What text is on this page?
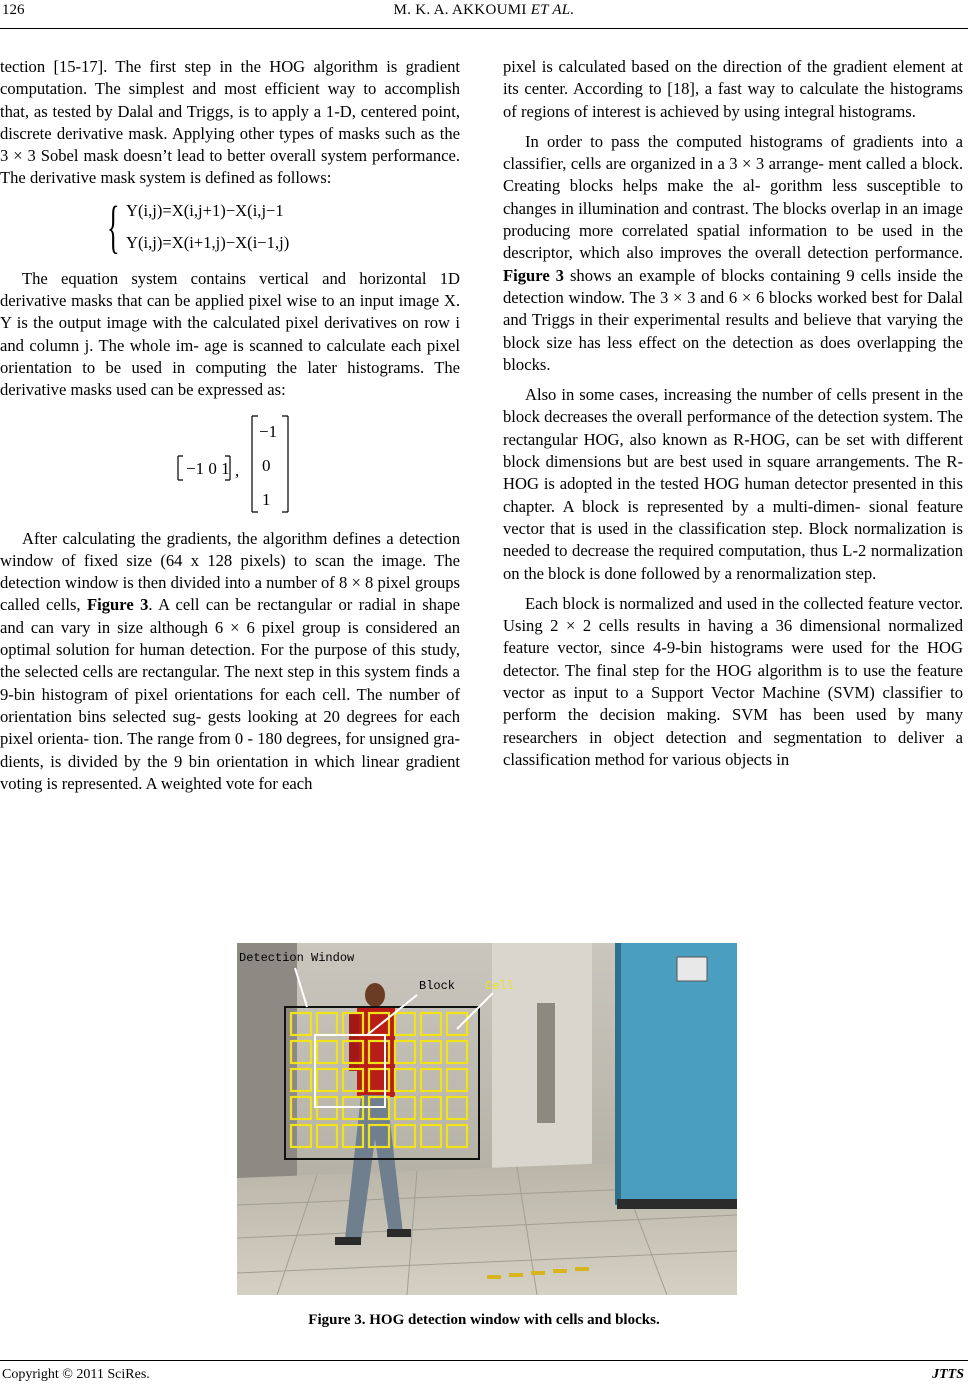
126	M. K. A. AKKOUMI ET AL.

tection [15-17]. The first step in the HOG algorithm is gradient computation. The simplest and most efficient way to accomplish that, as tested by Dalal and Triggs, is to apply a 1-D, centered point, discrete derivative mask. Applying other types of masks such as the 3 × 3 Sobel mask doesn’t lead to better overall system performance. The derivative mask system is defined as follows:

{ Y(i,j)=X(i,j+1)−X(i,j−1
Y(i,j)=X(i+1,j)−X(i−1,j)

The equation system contains vertical and horizontal 1D derivative masks that can be applied pixel wise to an input image X. Y is the output image with the calculated pixel derivatives on row i and column j. The whole im- age is scanned to calculate each pixel orientation to be used in computing the later histograms. The derivative masks used can be expressed as:

−1 0 1 ,
−1
0
1

After calculating the gradients, the algorithm defines a detection window of fixed size (64 x 128 pixels) to scan the image. The detection window is then divided into a number of 8 × 8 pixel groups called cells, Figure 3. A cell can be rectangular or radial in shape and can vary in size although 6 × 6 pixel group is considered an optimal solution for human detection. For the purpose of this study, the selected cells are rectangular. The next step in this system finds a 9-bin histogram of pixel orientations for each cell. The number of orientation bins selected sug- gests looking at 20 degrees for each pixel orienta- tion. The range from 0 - 180 degrees, for unsigned gra- dients, is divided by the 9 bin orientation in which linear gradient voting is represented. A weighted vote for each

pixel is calculated based on the direction of the gradient element at its center. According to [18], a fast way to calculate the histograms of regions of interest is achieved by using integral histograms.

In order to pass the computed histograms of gradients into a classifier, cells are organized in a 3 × 3 arrange- ment called a block. Creating blocks helps make the al- gorithm less susceptible to changes in illumination and contrast. The blocks overlap in an image producing more correlated spatial information to be used in the descriptor, which also improves the overall detection performance. Figure 3 shows an example of blocks containing 9 cells inside the detection window. The 3 × 3 and 6 × 6 blocks worked best for Dalal and Triggs in their experimental results and believe that varying the block size has less effect on the detection as does overlapping the blocks.

Also in some cases, increasing the number of cells present in the block decreases the overall performance of the detection system. The rectangular HOG, also known as R-HOG, can be set with different block dimensions but are best used in square arrangements. The R-HOG is adopted in the tested HOG human detector presented in this chapter. A block is represented by a multi-dimen- sional feature vector that is used in the classification step. Block normalization is needed to decrease the required computation, thus L-2 normalization on the block is done followed by a renormalization step.

Each block is normalized and used in the collected feature vector. Using 2 × 2 cells results in having a 36 dimensional normalized feature vector, since 4-9-bin histograms were used for the HOG detector. The final step for the HOG algorithm is to use the feature vector as input to a Support Vector Machine (SVM) classifier to perform the decision making. SVM has been used by many researchers in object detection and segmentation to deliver a classification method for various objects in

Detection Window
Block Cell
Figure 3. HOG detection window with cells and blocks.
Copyright © 2011 SciRes.	JTTS
